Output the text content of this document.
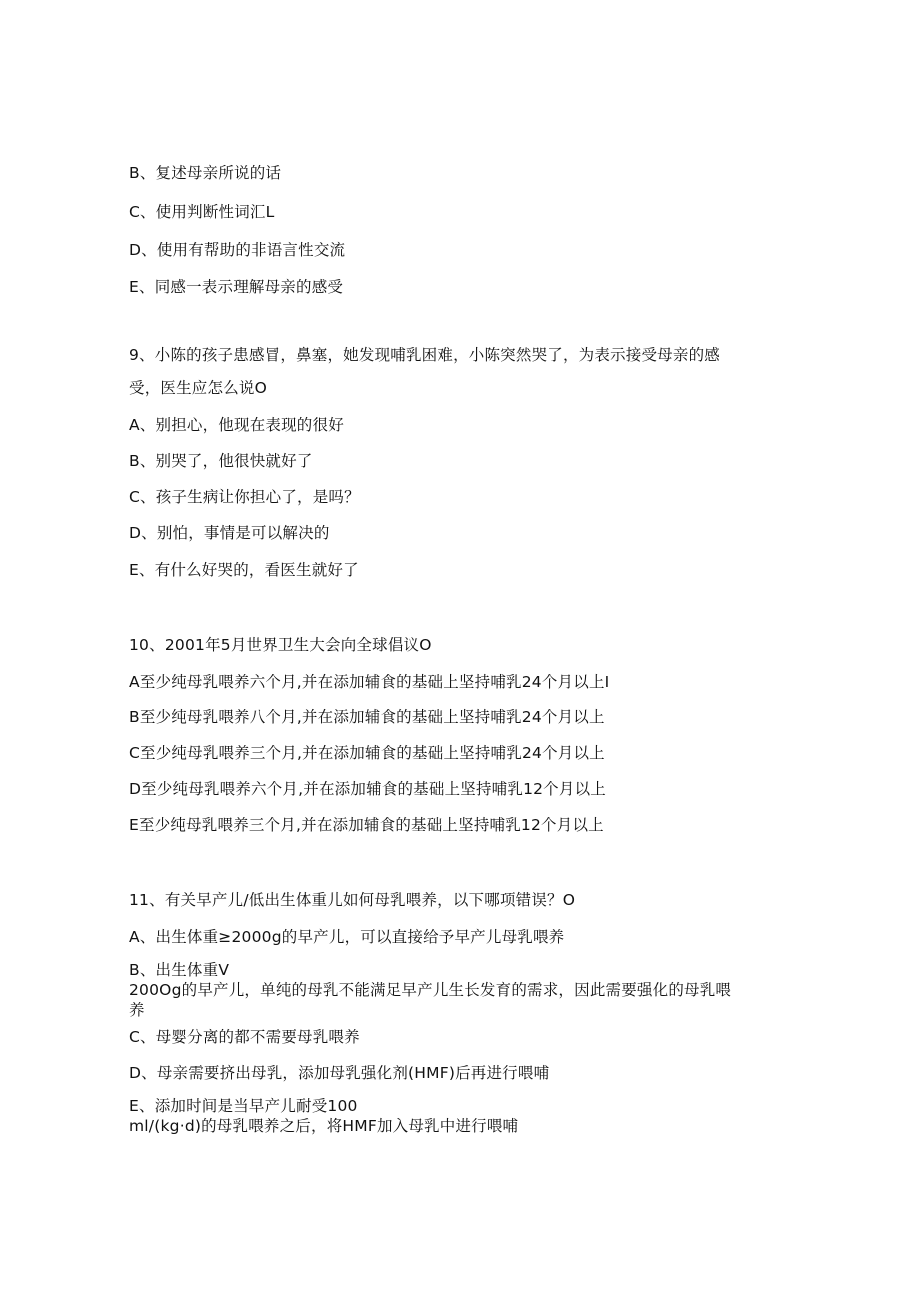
B、复述母亲所说的话
C、使用判断性词汇L
D、使用有帮助的非语言性交流
E、同感一表示理解母亲的感受
9、小陈的孩子患感冒，鼻塞，她发现哺乳困难，小陈突然哭了，为表示接受母亲的感
受，医生应怎么说O
A、别担心，他现在表现的很好
B、别哭了，他很快就好了
C、孩子生病让你担心了，是吗？
D、别怕，事情是可以解决的
E、有什么好哭的，看医生就好了
10、2001年5月世界卫生大会向全球倡议O
A至少纯母乳喂养六个月,并在添加辅食的基础上坚持哺乳24个月以上I
B至少纯母乳喂养八个月,并在添加辅食的基础上坚持哺乳24个月以上
C至少纯母乳喂养三个月,并在添加辅食的基础上坚持哺乳24个月以上
D至少纯母乳喂养六个月,并在添加辅食的基础上坚持哺乳12个月以上
E至少纯母乳喂养三个月,并在添加辅食的基础上坚持哺乳12个月以上
11、有关早产儿/低出生体重儿如何母乳喂养，以下哪项错误？O
A、出生体重≥2000g的早产儿，可以直接给予早产儿母乳喂养
B、出生体重V
200Og的早产儿，单纯的母乳不能满足早产儿生长发育的需求，因此需要强化的母乳喂
养
C、母婴分离的都不需要母乳喂养
D、母亲需要挤出母乳，添加母乳强化剂(HMF)后再进行喂哺
E、添加时间是当早产儿耐受100
ml/(kg·d)的母乳喂养之后，将HMF加入母乳中进行喂哺
